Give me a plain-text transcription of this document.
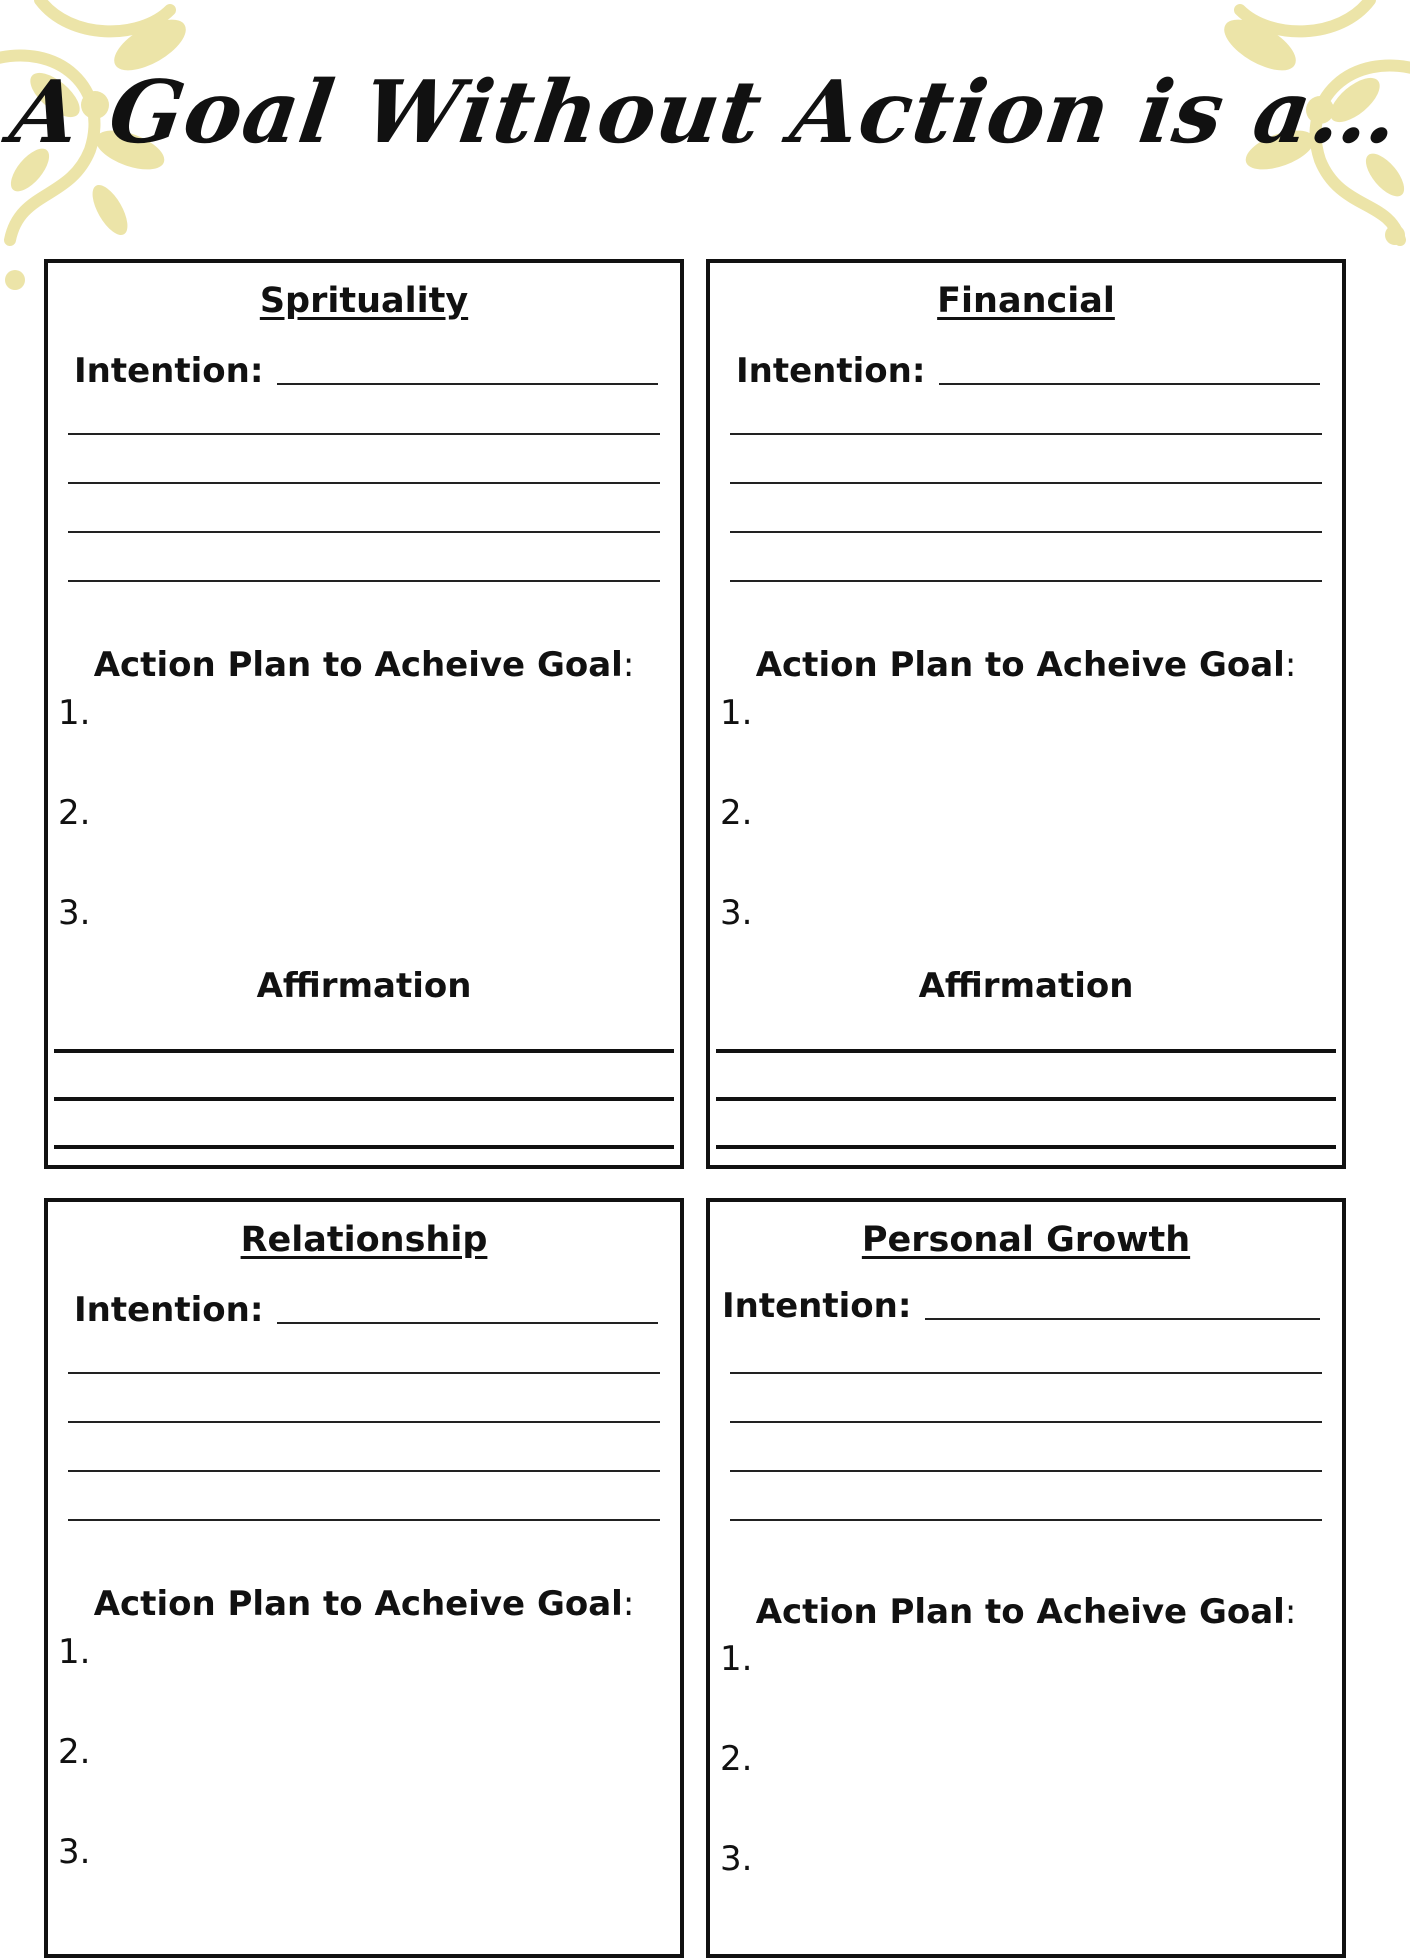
A Goal Without Action is a…
Sprituality
Intention:
Action Plan to Acheive Goal:
1.
2.
3.
Affirmation
Financial
Intention:
Action Plan to Acheive Goal:
1.
2.
3.
Affirmation
Relationship
Intention:
Action Plan to Acheive Goal:
1.
2.
3.
Personal Growth
Intention:
Action Plan to Acheive Goal:
1.
2.
3.
